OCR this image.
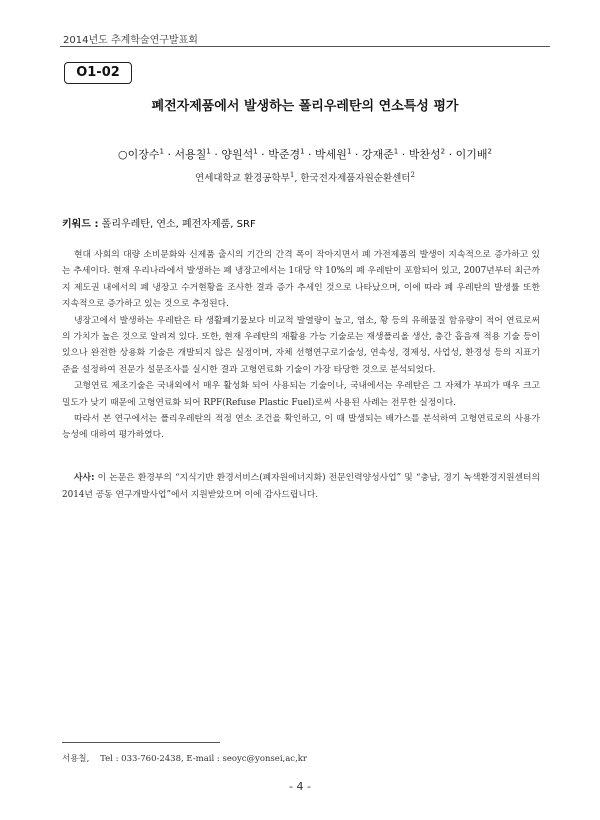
2014년도 추계학술연구발표회
O1-02
폐전자제품에서 발생하는 폴리우레탄의 연소특성 평가
○이장수$^1$ · 서용칠$^1$ · 양원석$^1$ · 박준경$^1$ · 박세원$^1$ · 강재준$^1$ · 박찬성$^2$ · 이기배$^2$
연세대학교 환경공학부$^1$, 한국전자제품자원순환센터$^2$
키워드 : 폴리우레탄, 연소, 폐전자제품, SRF

현대 사회의 대량 소비문화와 신제품 출시의 기간의 간격 폭이 작아지면서 폐 가전제품의 발생이 지속적으로 증가하고 있는 추세이다. 현재 우리나라에서 발생하는 폐 냉장고에서는 1대당 약 10%의 폐 우레탄이 포함되어 있고, 2007년부터 최근까지 제도권 내에서의 폐 냉장고 수거현황을 조사한 결과 증가 추세인 것으로 나타났으며, 이에 따라 폐 우레탄의 발생률 또한 지속적으로 증가하고 있는 것으로 추정된다.

냉장고에서 발생하는 우레탄은 타 생활폐기물보다 비교적 발열량이 높고, 염소, 황 등의 유해물질 함유량이 적어 연료로써의 가치가 높은 것으로 알려져 있다. 또한, 현재 우레탄의 재활용 가능 기술로는 재생폴리올 생산, 충간 흡음재 적용 기술 등이 있으나 완전한 상용화 기술은 개발되지 않은 실정이며, 자체 선행연구로기술성, 연속성, 경제성, 사업성, 환경성 등의 지표기준을 설정하여 전문가 설문조사를 실시한 결과 고형연료화 기술이 가장 타당한 것으로 분석되었다.

고형연료 제조기술은 국내외에서 매우 활성화 되어 사용되는 기술이나, 국내에서는 우레탄은 그 자체가 부피가 매우 크고 밀도가 낮기 때문에 고형연료화 되어 RPF(Refuse Plastic Fuel)로써 사용된 사례는 전무한 실정이다.

따라서 본 연구에서는 폴리우레탄의 적정 연소 조건을 확인하고, 이 때 발생되는 배가스를 분석하여 고형연료로의 사용가능성에 대하여 평가하였다.

사사: 이 논문은 환경부의 “지식기반 환경서비스(폐자원에너지화) 전문인력양성사업” 및 “충남, 경기 녹색환경지원센터의 2014년 공동 연구개발사업”에서 지원받았으며 이에 감사드립니다.

서용칠,    Tel : 033-760-2438, E-mail : seoyc@yonsei,ac,kr
- 4 -
